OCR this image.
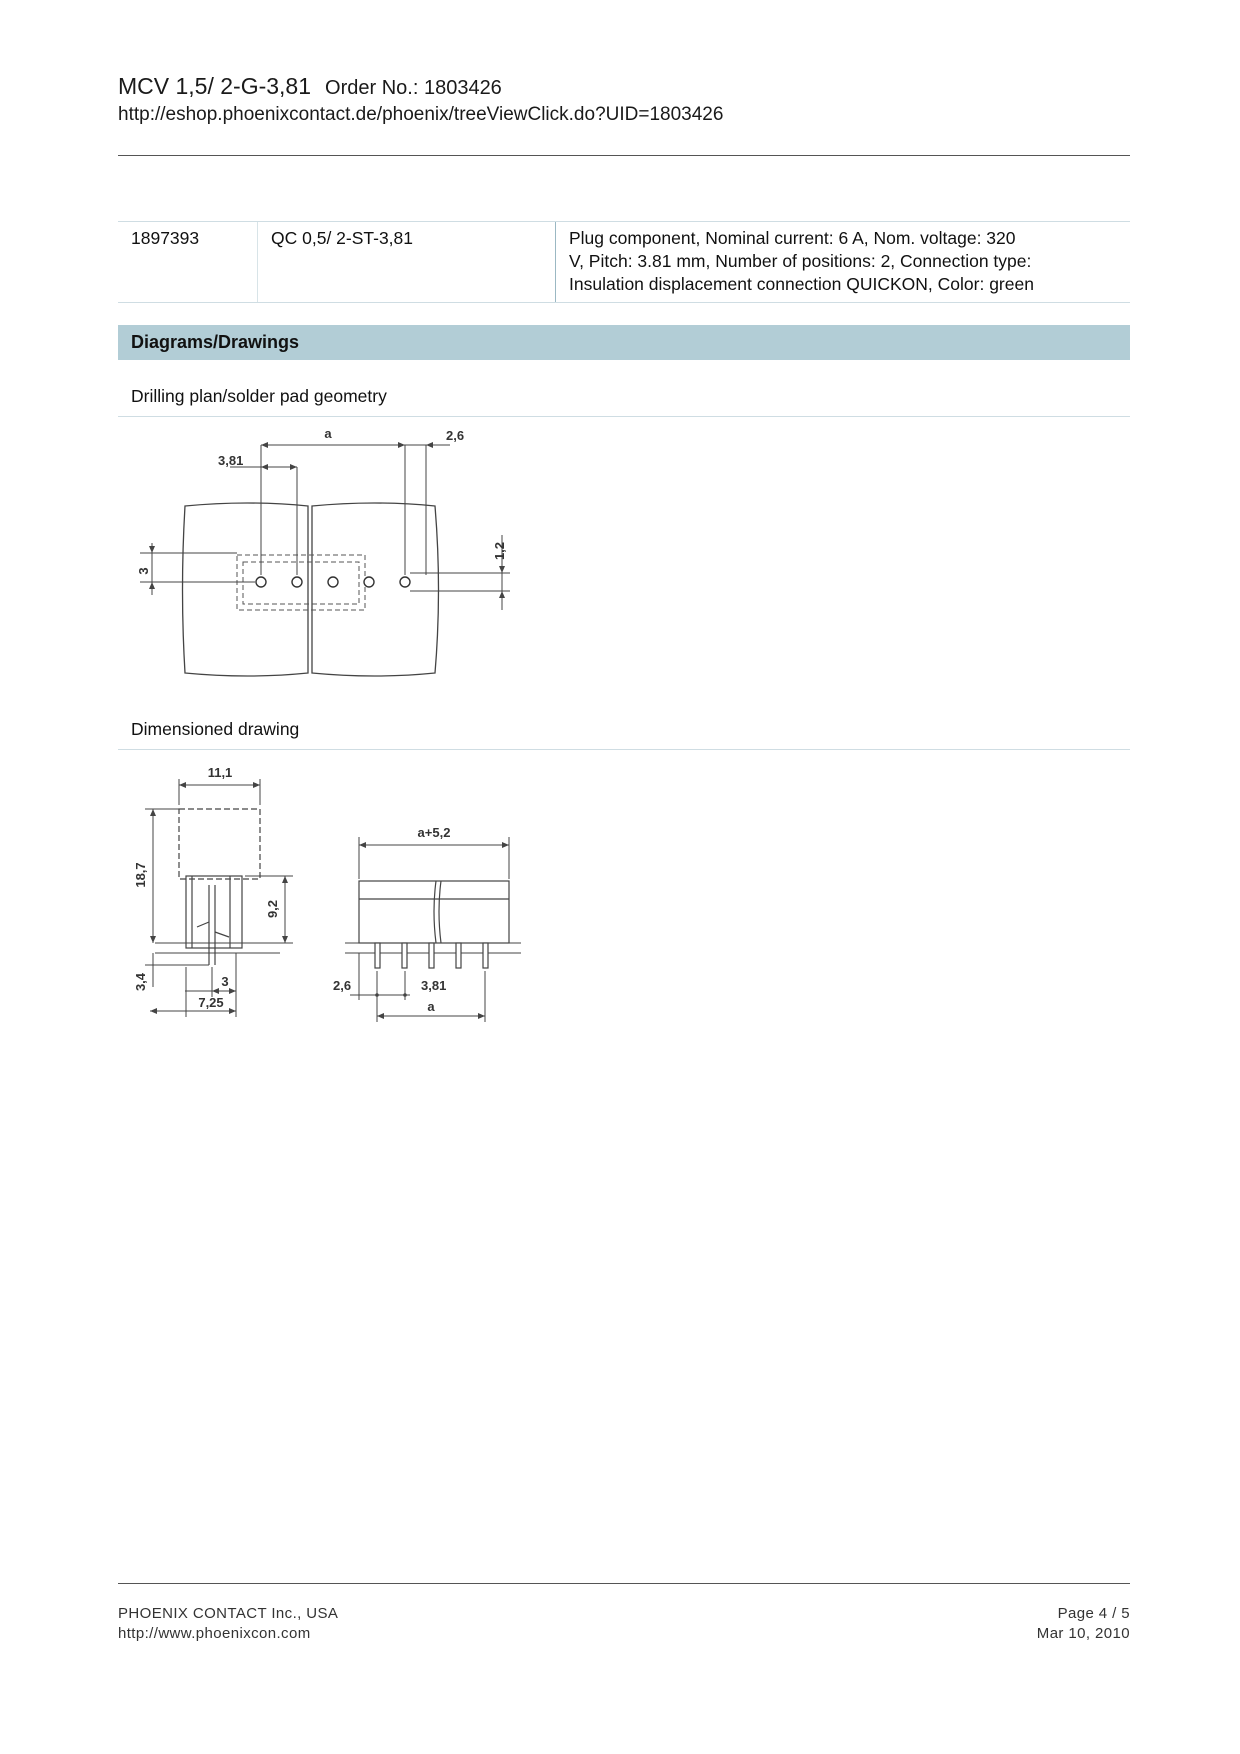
MCV 1,5/ 2-G-3,81 Order No.: 1803426
http://eshop.phoenixcontact.de/phoenix/treeViewClick.do?UID=1803426
1897393	QC 0,5/ 2-ST-3,81	Plug component, Nominal current: 6 A, Nom. voltage: 320
V, Pitch: 3.81 mm, Number of positions: 2, Connection type:
Insulation displacement connection QUICKON, Color: green
Diagrams/Drawings
Drilling plan/solder pad geometry
a	2,6
3,81
3
1,2
Dimensioned drawing
11,1
18,7
9,2
3,4	3
7,25
a+5,2
2,6	3,81
a
PHOENIX CONTACT Inc., USA
http://www.phoenixcon.com
Page 4 / 5
Mar 10, 2010
